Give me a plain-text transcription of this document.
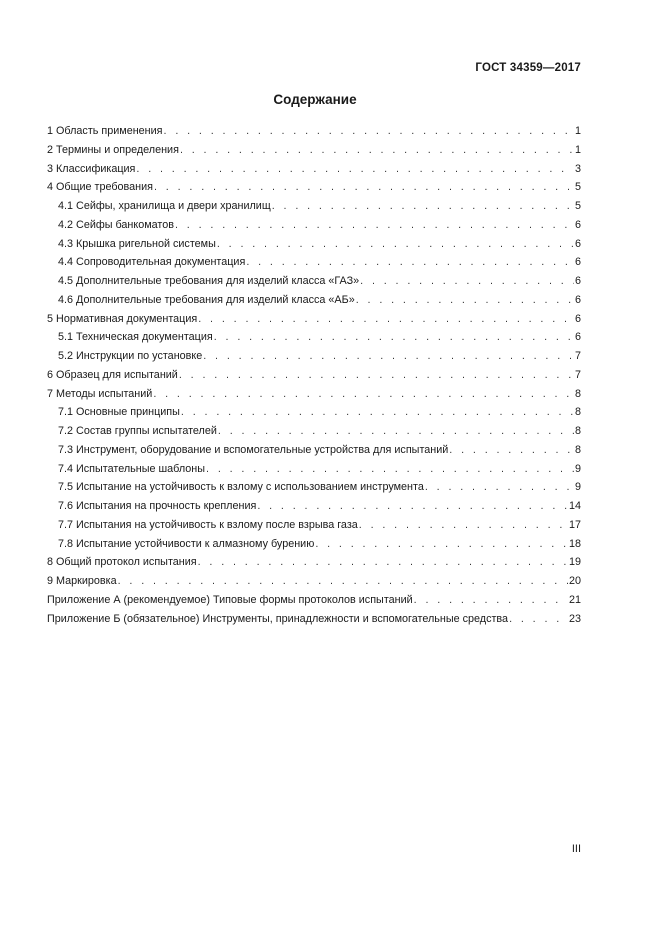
ГОСТ 34359—2017
Содержание
1 Область применения . . .	1
2 Термины и определения . . .	1
3 Классификация . . .	3
4 Общие требования . . .	5
4.1 Сейфы, хранилища и двери хранилищ . . .	5
4.2 Сейфы банкоматов . . .	6
4.3 Крышка ригельной системы . . .	6
4.4 Сопроводительная документация . . .	6
4.5 Дополнительные требования для изделий класса «ГАЗ» . . .	6
4.6 Дополнительные требования для изделий класса «АБ» . . .	6
5 Нормативная документация . . .	6
5.1 Техническая документация . . .	6
5.2 Инструкции по установке . . .	7
6 Образец для испытаний . . .	7
7 Методы испытаний . . .	8
7.1 Основные принципы . . .	8
7.2 Состав группы испытателей . . .	8
7.3 Инструмент, оборудование и вспомогательные устройства для испытаний . . .	8
7.4 Испытательные шаблоны . . .	9
7.5 Испытание на устойчивость к взлому с использованием инструмента . . .	9
7.6 Испытания на прочность крепления . . .	14
7.7 Испытания на устойчивость к взлому после взрыва газа . . .	17
7.8 Испытание устойчивости к алмазному бурению . . .	18
8 Общий протокол испытания . . .	19
9 Маркировка . . .	20
Приложение А (рекомендуемое) Типовые формы протоколов испытаний . . .	21
Приложение Б (обязательное) Инструменты, принадлежности и вспомогательные средства . . .	23
III
